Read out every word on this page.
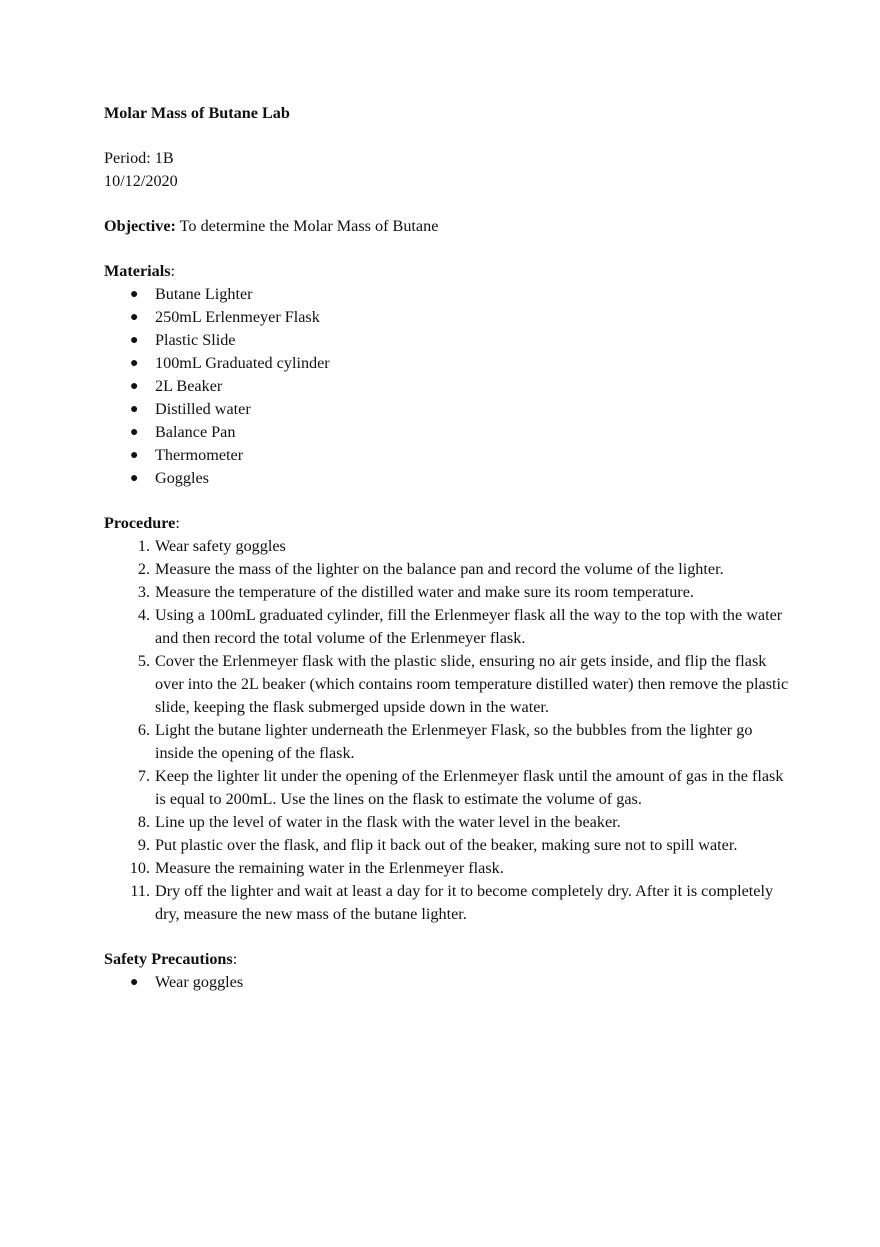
Molar Mass of Butane Lab

Period: 1B

10/12/2020

Objective: To determine the Molar Mass of Butane

Materials:

● Butane Lighter
● 250mL Erlenmeyer Flask
● Plastic Slide
● 100mL Graduated cylinder
● 2L Beaker
● Distilled water
● Balance Pan
● Thermometer
● Goggles

Procedure:

1. Wear safety goggles
2. Measure the mass of the lighter on the balance pan and record the volume of the lighter.
3. Measure the temperature of the distilled water and make sure its room temperature.
4. Using a 100mL graduated cylinder, fill the Erlenmeyer flask all the way to the top with the water and then record the total volume of the Erlenmeyer flask.
5. Cover the Erlenmeyer flask with the plastic slide, ensuring no air gets inside, and flip the flask over into the 2L beaker (which contains room temperature distilled water) then remove the plastic slide, keeping the flask submerged upside down in the water.
6. Light the butane lighter underneath the Erlenmeyer Flask, so the bubbles from the lighter go inside the opening of the flask.
7. Keep the lighter lit under the opening of the Erlenmeyer flask until the amount of gas in the flask is equal to 200mL. Use the lines on the flask to estimate the volume of gas.
8. Line up the level of water in the flask with the water level in the beaker.
9. Put plastic over the flask, and flip it back out of the beaker, making sure not to spill water.
10. Measure the remaining water in the Erlenmeyer flask.
11. Dry off the lighter and wait at least a day for it to become completely dry. After it is completely dry, measure the new mass of the butane lighter.

Safety Precautions:

● Wear goggles
